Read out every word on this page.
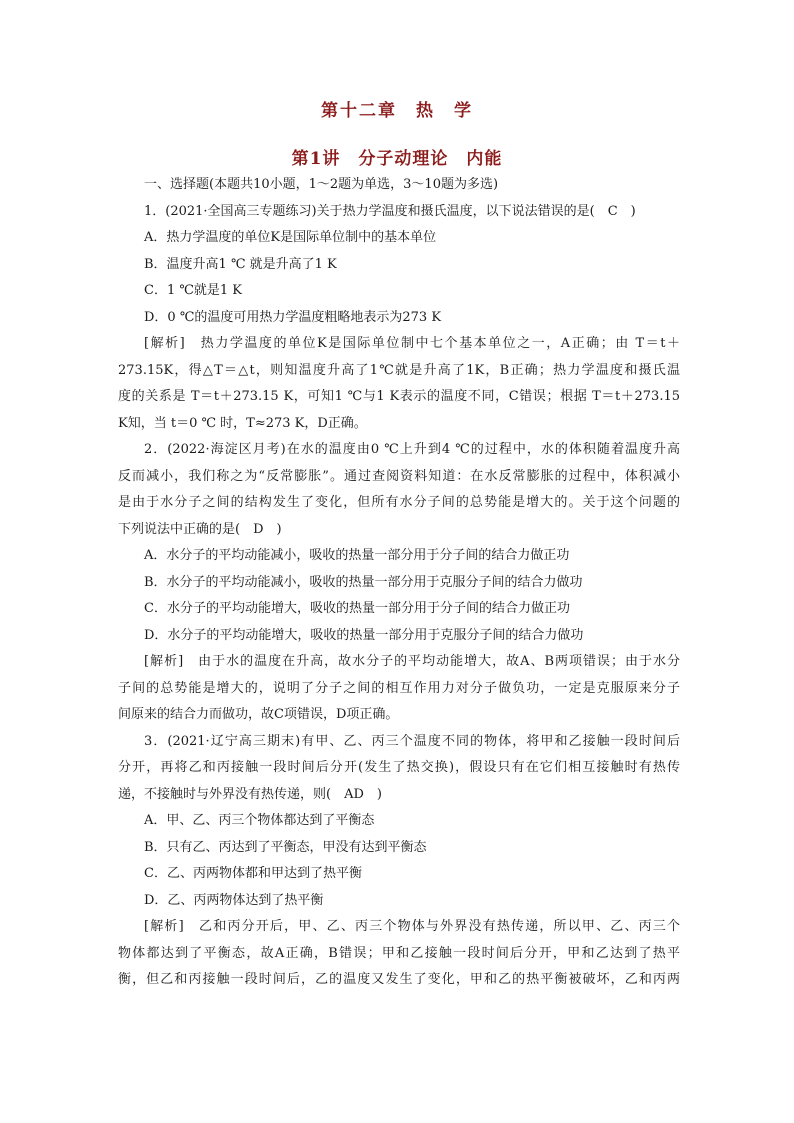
第十二章　热　学
第1讲　分子动理论　内能
一、选择题(本题共10小题，1～2题为单选，3～10题为多选)
1．(2021·全国高三专题练习)关于热力学温度和摄氏温度，以下说法错误的是(   C   )
A．热力学温度的单位K是国际单位制中的基本单位
B．温度升高1 ℃ 就是升高了1 K
C．1 ℃就是1 K
D．0 ℃的温度可用热力学温度粗略地表示为273 K
[解析]　热力学温度的单位K是国际单位制中七个基本单位之一，A正确；由 T＝t＋
273.15K，得△T＝△t，则知温度升高了1℃就是升高了1K，B正确；热力学温度和摄氏温
度的关系是 T＝t＋273.15 K，可知1 ℃与1 K表示的温度不同，C错误；根据 T＝t＋273.15
K知，当 t＝0 ℃ 时，T≈273 K，D正确。
2．(2022·海淀区月考)在水的温度由0 ℃上升到4 ℃的过程中，水的体积随着温度升高
反而减小，我们称之为“反常膨胀”。通过查阅资料知道：在水反常膨胀的过程中，体积减小
是由于水分子之间的结构发生了变化，但所有水分子间的总势能是增大的。关于这个问题的
下列说法中正确的是(   D   )
A．水分子的平均动能减小，吸收的热量一部分用于分子间的结合力做正功
B．水分子的平均动能减小，吸收的热量一部分用于克服分子间的结合力做功
C．水分子的平均动能增大，吸收的热量一部分用于分子间的结合力做正功
D．水分子的平均动能增大，吸收的热量一部分用于克服分子间的结合力做功
[解析]　由于水的温度在升高，故水分子的平均动能增大，故A、B两项错误；由于水分
子间的总势能是增大的，说明了分子之间的相互作用力对分子做负功，一定是克服原来分子
间原来的结合力而做功，故C项错误，D项正确。
3．(2021·辽宁高三期末)有甲、乙、丙三个温度不同的物体，将甲和乙接触一段时间后
分开，再将乙和丙接触一段时间后分开(发生了热交换)，假设只有在它们相互接触时有热传
递，不接触时与外界没有热传递，则(   AD   )
A．甲、乙、丙三个物体都达到了平衡态
B．只有乙、丙达到了平衡态，甲没有达到平衡态
C．乙、丙两物体都和甲达到了热平衡
D．乙、丙两物体达到了热平衡
[解析]　乙和丙分开后，甲、乙、丙三个物体与外界没有热传递，所以甲、乙、丙三个
物体都达到了平衡态，故A正确，B错误；甲和乙接触一段时间后分开，甲和乙达到了热平
衡，但乙和丙接触一段时间后，乙的温度又发生了变化，甲和乙的热平衡被破坏，乙和丙两
